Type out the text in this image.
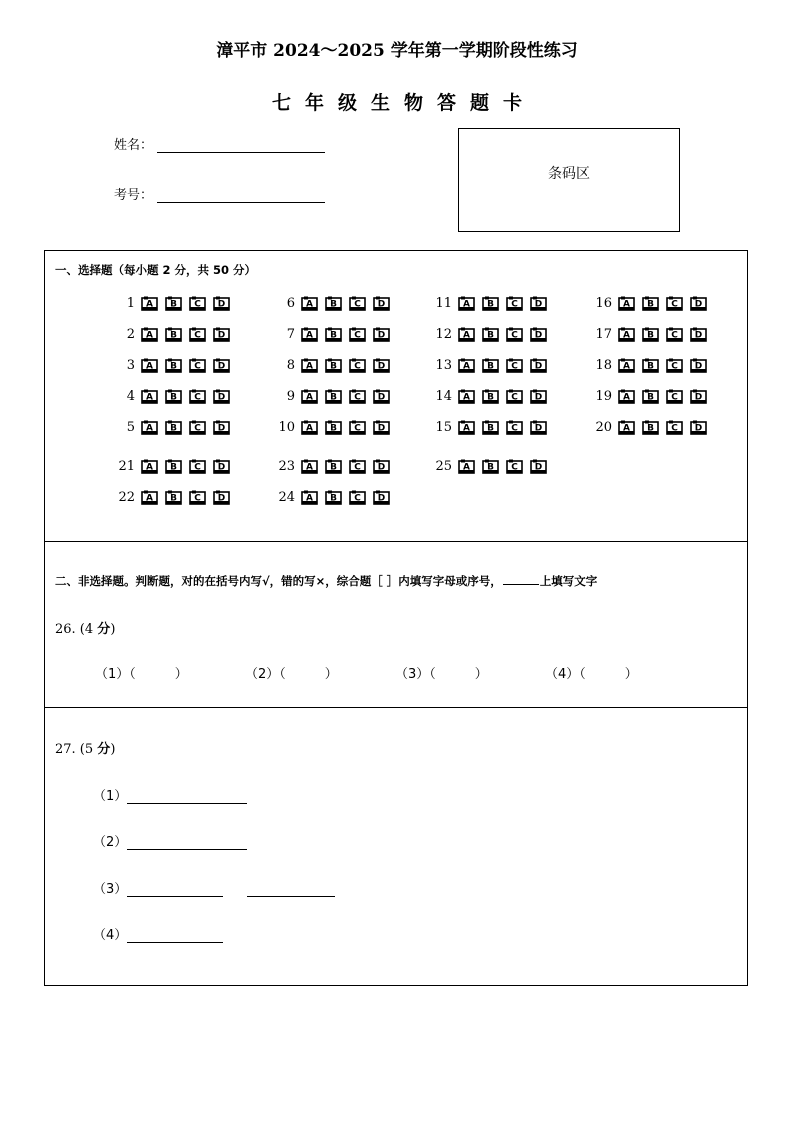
漳平市 2024～2025 学年第一学期阶段性练习
七年级生物答题卡
姓名：
考号：
条码区
一、选择题（每小题 2 分，共 50 分）
1	A B C D
2	A B C D
3	A B C D
4	A B C D
5	A B C D
6	A B C D
7	A B C D
8	A B C D
9	A B C D
10	A B C D
11	A B C D
12	A B C D
13	A B C D
14	A B C D
15	A B C D
16	A B C D
17	A B C D
18	A B C D
19	A B C D
20	A B C D
21	A B C D
22	A B C D
23	A B C D
24	A B C D
25	A B C D
二、非选择题。判断题，对的在括号内写√，错的写×，综合题［ ］内填写字母或序号，	上填写文字
26. (4 分)
（1）（　　　）	（2）（　　　）	（3）（　　　）	（4）（　　　）
27. (5 分)
（1）
（2）
（3）
（4）
